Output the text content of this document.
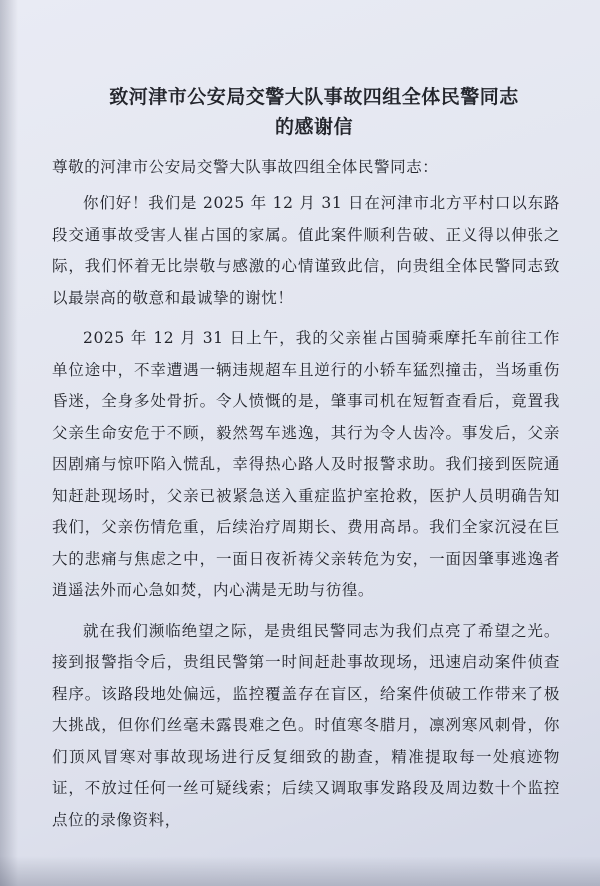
致河津市公安局交警大队事故四组全体民警同志
的感谢信
尊敬的河津市公安局交警大队事故四组全体民警同志：
你们好！我们是 2025 年 12 月 31 日在河津市北方平村口以东路段交通事故受害人崔占国的家属。值此案件顺利告破、正义得以伸张之际，我们怀着无比崇敬与感激的心情谨致此信，向贵组全体民警同志致以最崇高的敬意和最诚挚的谢忱！
2025 年 12 月 31 日上午，我的父亲崔占国骑乘摩托车前往工作单位途中，不幸遭遇一辆违规超车且逆行的小轿车猛烈撞击，当场重伤昏迷，全身多处骨折。令人愤慨的是，肇事司机在短暂查看后，竟置我父亲生命安危于不顾，毅然驾车逃逸，其行为令人齿冷。事发后，父亲因剧痛与惊吓陷入慌乱，幸得热心路人及时报警求助。我们接到医院通知赶赴现场时，父亲已被紧急送入重症监护室抢救，医护人员明确告知我们，父亲伤情危重，后续治疗周期长、费用高昂。我们全家沉浸在巨大的悲痛与焦虑之中，一面日夜祈祷父亲转危为安，一面因肇事逃逸者逍遥法外而心急如焚，内心满是无助与彷徨。
就在我们濒临绝望之际，是贵组民警同志为我们点亮了希望之光。接到报警指令后，贵组民警第一时间赶赴事故现场，迅速启动案件侦查程序。该路段地处偏远，监控覆盖存在盲区，给案件侦破工作带来了极大挑战，但你们丝毫未露畏难之色。时值寒冬腊月，凛冽寒风刺骨，你们顶风冒寒对事故现场进行反复细致的勘查，精准提取每一处痕迹物证，不放过任何一丝可疑线索；后续又调取事发路段及周边数十个监控点位的录像资料，
